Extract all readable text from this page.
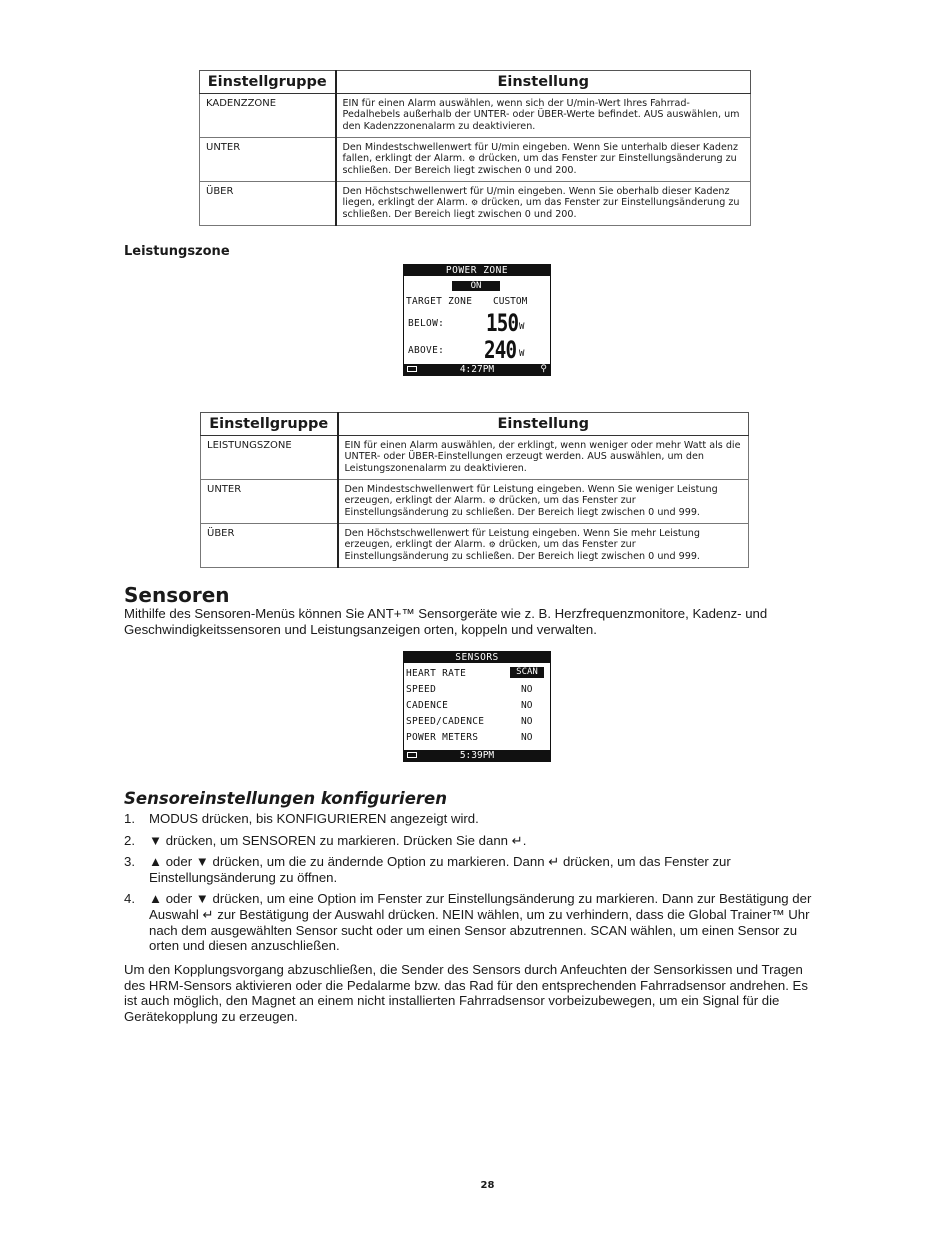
Einstellgruppe	Einstellung
KADENZZONE	EIN für einen Alarm auswählen, wenn sich der U/min-Wert Ihres Fahrrad-Pedalhebels außerhalb der UNTER- oder ÜBER-Werte befindet. AUS auswählen, um den Kadenzzonenalarm zu deaktivieren.
UNTER	Den Mindestschwellenwert für U/min eingeben. Wenn Sie unterhalb dieser Kadenz fallen, erklingt der Alarm. ⚙ drücken, um das Fenster zur Einstellungsänderung zu schließen. Der Bereich liegt zwischen 0 und 200.
ÜBER	Den Höchstschwellenwert für U/min eingeben. Wenn Sie oberhalb dieser Kadenz liegen, erklingt der Alarm. ⚙ drücken, um das Fenster zur Einstellungsänderung zu schließen. Der Bereich liegt zwischen 0 und 200.
Leistungszone
POWER ZONE
ON
TARGET ZONE CUSTOM
BELOW: 150 W
ABOVE: 240 W
4:27PM	⚲
Einstellgruppe	Einstellung
LEISTUNGSZONE	EIN für einen Alarm auswählen, der erklingt, wenn weniger oder mehr Watt als die UNTER- oder ÜBER-Einstellungen erzeugt werden. AUS auswählen, um den Leistungszonenalarm zu deaktivieren.
UNTER	Den Mindestschwellenwert für Leistung eingeben. Wenn Sie weniger Leistung erzeugen, erklingt der Alarm. ⚙ drücken, um das Fenster zur Einstellungsänderung zu schließen. Der Bereich liegt zwischen 0 und 999.
ÜBER	Den Höchstschwellenwert für Leistung eingeben. Wenn Sie mehr Leistung erzeugen, erklingt der Alarm. ⚙ drücken, um das Fenster zur Einstellungsänderung zu schließen. Der Bereich liegt zwischen 0 und 999.
Sensoren
Mithilfe des Sensoren-Menüs können Sie ANT+™ Sensorgeräte wie z. B. Herzfrequenzmonitore, Kadenz- und Geschwindigkeitssensoren und Leistungsanzeigen orten, koppeln und verwalten.
SENSORS
HEART RATE	SCAN
SPEED	NO
CADENCE	NO
SPEED/CADENCE	NO
POWER METERS	NO
5:39PM
Sensoreinstellungen konfigurieren
1. MODUS drücken, bis KONFIGURIEREN angezeigt wird.
2. ▼ drücken, um SENSOREN zu markieren. Drücken Sie dann ↵.
3. ▲ oder ▼ drücken, um die zu ändernde Option zu markieren. Dann ↵ drücken, um das Fenster zur Einstellungsänderung zu öffnen.
4. ▲ oder ▼ drücken, um eine Option im Fenster zur Einstellungsänderung zu markieren. Dann zur Bestätigung der Auswahl ↵ zur Bestätigung der Auswahl drücken. NEIN wählen, um zu verhindern, dass die Global Trainer™ Uhr nach dem ausgewählten Sensor sucht oder um einen Sensor abzutrennen. SCAN wählen, um einen Sensor zu orten und diesen anzuschließen.
Um den Kopplungsvorgang abzuschließen, die Sender des Sensors durch Anfeuchten der Sensorkissen und Tragen des HRM-Sensors aktivieren oder die Pedalarme bzw. das Rad für den entsprechenden Fahrradsensor andrehen. Es ist auch möglich, den Magnet an einem nicht installierten Fahrradsensor vorbeizubewegen, um ein Signal für die Gerätekopplung zu erzeugen.
28
